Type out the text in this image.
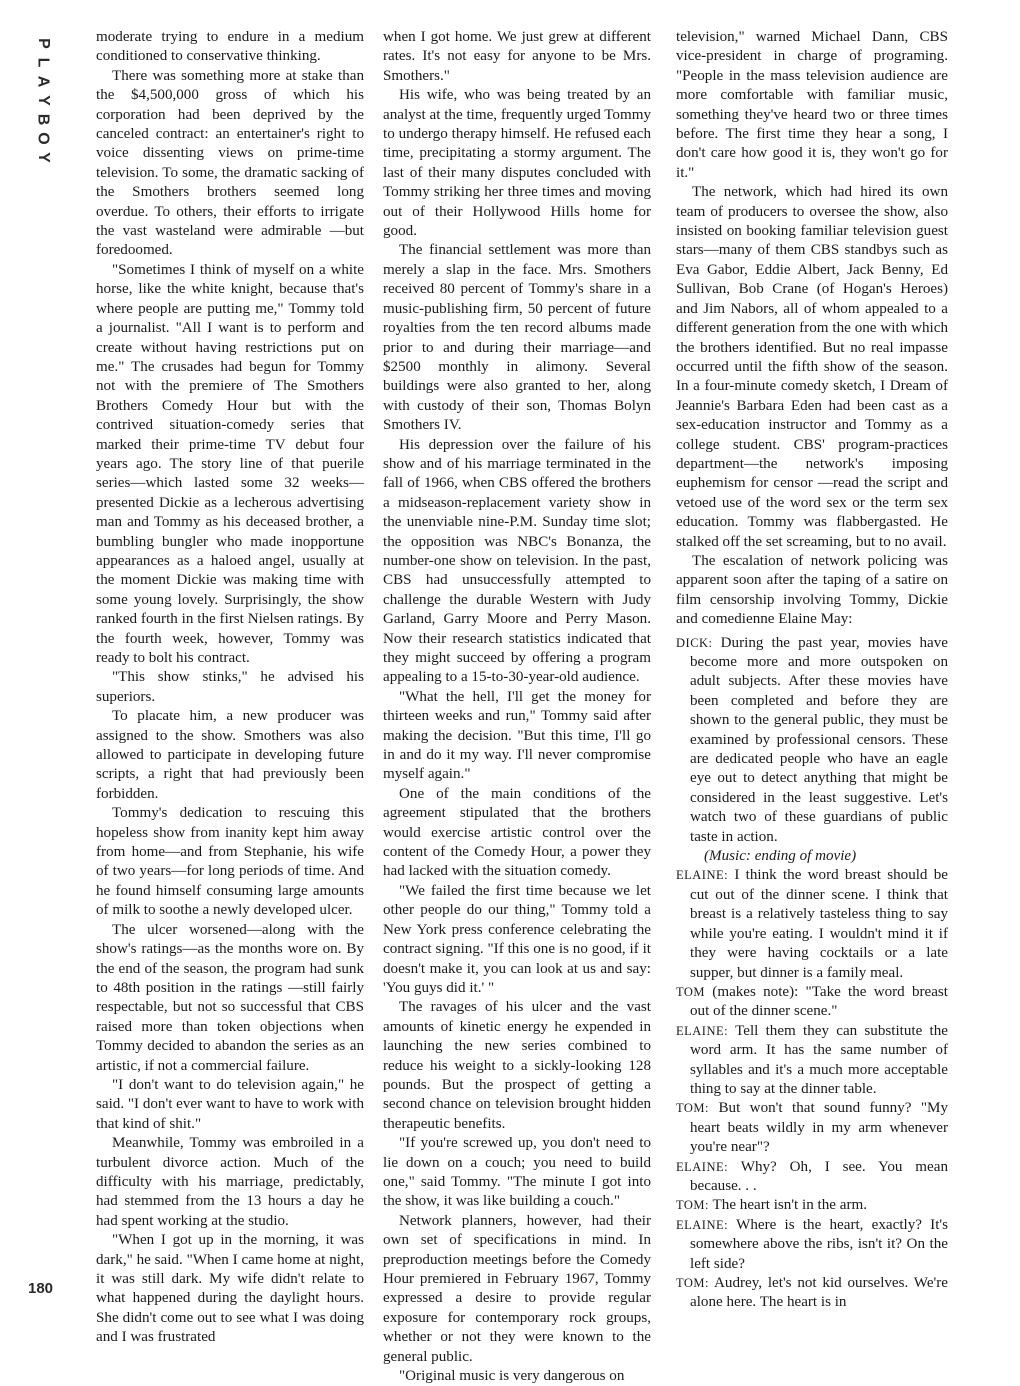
P
L
A
Y
B
O
Y
180

moderate trying to endure in a medium conditioned to conservative thinking.

There was something more at stake than the $4,500,000 gross of which his corporation had been deprived by the canceled contract: an entertainer's right to voice dissenting views on prime-time television. To some, the dramatic sacking of the Smothers brothers seemed long overdue. To others, their efforts to irrigate the vast wasteland were admirable —but foredoomed.

"Sometimes I think of myself on a white horse, like the white knight, because that's where people are putting me," Tommy told a journalist. "All I want is to perform and create without having restrictions put on me." The crusades had begun for Tommy not with the premiere of The Smothers Brothers Comedy Hour but with the contrived situation-comedy series that marked their prime-time TV debut four years ago. The story line of that puerile series—which lasted some 32 weeks—presented Dickie as a lecherous advertising man and Tommy as his deceased brother, a bumbling bungler who made inopportune appearances as a haloed angel, usually at the moment Dickie was making time with some young lovely. Surprisingly, the show ranked fourth in the first Nielsen ratings. By the fourth week, however, Tommy was ready to bolt his contract.

"This show stinks," he advised his superiors.

To placate him, a new producer was assigned to the show. Smothers was also allowed to participate in developing future scripts, a right that had previously been forbidden.

Tommy's dedication to rescuing this hopeless show from inanity kept him away from home—and from Stephanie, his wife of two years—for long periods of time. And he found himself consuming large amounts of milk to soothe a newly developed ulcer.

The ulcer worsened—along with the show's ratings—as the months wore on. By the end of the season, the program had sunk to 48th position in the ratings —still fairly respectable, but not so successful that CBS raised more than token objections when Tommy decided to abandon the series as an artistic, if not a commercial failure.

"I don't want to do television again," he said. "I don't ever want to have to work with that kind of shit."

Meanwhile, Tommy was embroiled in a turbulent divorce action. Much of the difficulty with his marriage, predictably, had stemmed from the 13 hours a day he had spent working at the studio.

"When I got up in the morning, it was dark," he said. "When I came home at night, it was still dark. My wife didn't relate to what happened during the daylight hours. She didn't come out to see what I was doing and I was frustrated

when I got home. We just grew at different rates. It's not easy for anyone to be Mrs. Smothers."

His wife, who was being treated by an analyst at the time, frequently urged Tommy to undergo therapy himself. He refused each time, precipitating a stormy argument. The last of their many disputes concluded with Tommy striking her three times and moving out of their Hollywood Hills home for good.

The financial settlement was more than merely a slap in the face. Mrs. Smothers received 80 percent of Tommy's share in a music-publishing firm, 50 percent of future royalties from the ten record albums made prior to and during their marriage—and $2500 monthly in alimony. Several buildings were also granted to her, along with custody of their son, Thomas Bolyn Smothers IV.

His depression over the failure of his show and of his marriage terminated in the fall of 1966, when CBS offered the brothers a midseason-replacement variety show in the unenviable nine-P.M. Sunday time slot; the opposition was NBC's Bonanza, the number-one show on television. In the past, CBS had unsuccessfully attempted to challenge the durable Western with Judy Garland, Garry Moore and Perry Mason. Now their research statistics indicated that they might succeed by offering a program appealing to a 15-to-30-year-old audience.

"What the hell, I'll get the money for thirteen weeks and run," Tommy said after making the decision. "But this time, I'll go in and do it my way. I'll never compromise myself again."

One of the main conditions of the agreement stipulated that the brothers would exercise artistic control over the content of the Comedy Hour, a power they had lacked with the situation comedy.

"We failed the first time because we let other people do our thing," Tommy told a New York press conference celebrating the contract signing. "If this one is no good, if it doesn't make it, you can look at us and say: 'You guys did it.' "

The ravages of his ulcer and the vast amounts of kinetic energy he expended in launching the new series combined to reduce his weight to a sickly-looking 128 pounds. But the prospect of getting a second chance on television brought hidden therapeutic benefits.

"If you're screwed up, you don't need to lie down on a couch; you need to build one," said Tommy. "The minute I got into the show, it was like building a couch."

Network planners, however, had their own set of specifications in mind. In preproduction meetings before the Comedy Hour premiered in February 1967, Tommy expressed a desire to provide regular exposure for contemporary rock groups, whether or not they were known to the general public.

"Original music is very dangerous on

television," warned Michael Dann, CBS vice-president in charge of programing. "People in the mass television audience are more comfortable with familiar music, something they've heard two or three times before. The first time they hear a song, I don't care how good it is, they won't go for it."

The network, which had hired its own team of producers to oversee the show, also insisted on booking familiar television guest stars—many of them CBS standbys such as Eva Gabor, Eddie Albert, Jack Benny, Ed Sullivan, Bob Crane (of Hogan's Heroes) and Jim Nabors, all of whom appealed to a different generation from the one with which the brothers identified. But no real impasse occurred until the fifth show of the season. In a four-minute comedy sketch, I Dream of Jeannie's Barbara Eden had been cast as a sex-education instructor and Tommy as a college student. CBS' program-practices department—the network's imposing euphemism for censor —read the script and vetoed use of the word sex or the term sex education. Tommy was flabbergasted. He stalked off the set screaming, but to no avail.

The escalation of network policing was apparent soon after the taping of a satire on film censorship involving Tommy, Dickie and comedienne Elaine May:

DICK: During the past year, movies have become more and more outspoken on adult subjects. After these movies have been completed and before they are shown to the general public, they must be examined by professional censors. These are dedicated people who have an eagle eye out to detect anything that might be considered in the least suggestive. Let's watch two of these guardians of public taste in action.

(Music: ending of movie)

ELAINE: I think the word breast should be cut out of the dinner scene. I think that breast is a relatively tasteless thing to say while you're eating. I wouldn't mind it if they were having cocktails or a late supper, but dinner is a family meal.

TOM (makes note): "Take the word breast out of the dinner scene."

ELAINE: Tell them they can substitute the word arm. It has the same number of syllables and it's a much more acceptable thing to say at the dinner table.

TOM: But won't that sound funny? "My heart beats wildly in my arm whenever you're near"?

ELAINE: Why? Oh, I see. You mean because. . .

TOM: The heart isn't in the arm.

ELAINE: Where is the heart, exactly? It's somewhere above the ribs, isn't it? On the left side?

TOM: Audrey, let's not kid ourselves. We're alone here. The heart is in
